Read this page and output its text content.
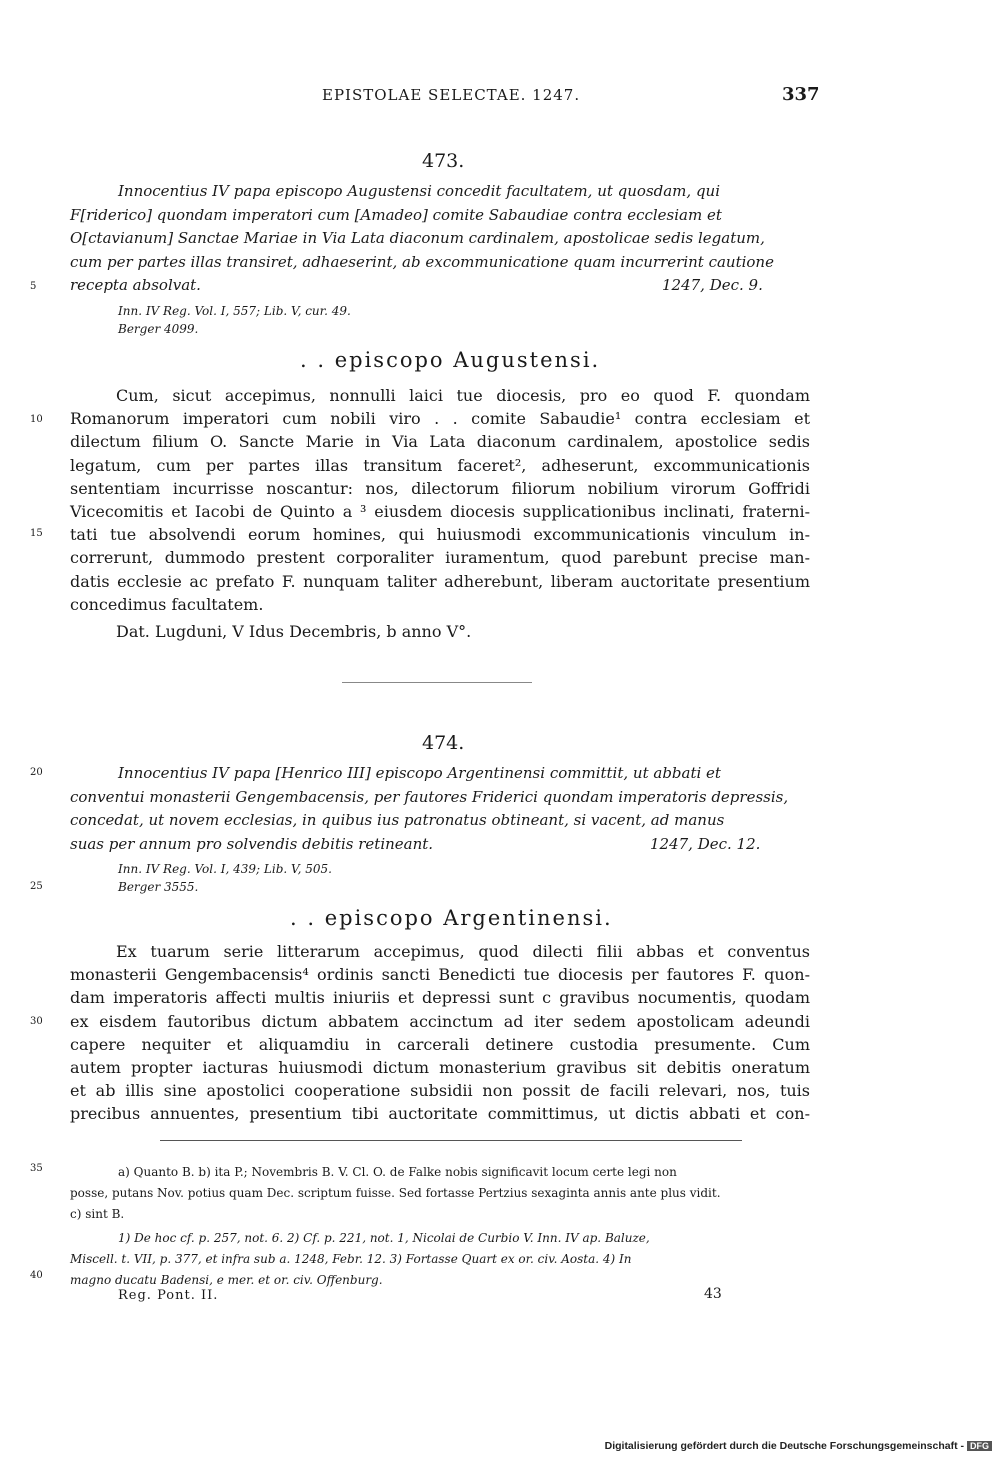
EPISTOLAE SELECTAE. 1247.	337
473.
Innocentius IV papa episcopo Augustensi concedit facultatem, ut quosdam, qui
F[riderico] quondam imperatori cum [Amadeo] comite Sabaudiae contra ecclesiam et
O[ctavianum] Sanctae Mariae in Via Lata diaconum cardinalem, apostolicae sedis legatum,
cum per partes illas transiret, adhaeserint, ab excommunicatione quam incurrerint cautione
recepta absolvat.	1247, Dec. 9.
Inn. IV Reg. Vol. I, 557; Lib. V, cur. 49.
Berger 4099.
. . episcopo Augustensi.
Cum, sicut accepimus, nonnulli laici tue diocesis, pro eo quod F. quondam
Romanorum imperatori cum nobili viro . . comite Sabaudie¹ contra ecclesiam et
dilectum filium O. Sancte Marie in Via Lata diaconum cardinalem, apostolice sedis
legatum, cum per partes illas transitum faceret², adheserunt, excommunicationis
sententiam incurrisse noscantur: nos, dilectorum filiorum nobilium virorum Goffridi
Vicecomitis et Iacobi de Quinto a ³ eiusdem diocesis supplicationibus inclinati, fraterni-
tati tue absolvendi eorum homines, qui huiusmodi excommunicationis vinculum in-
correrunt, dummodo prestent corporaliter iuramentum, quod parebunt precise man-
datis ecclesie ac prefato F. nunquam taliter adherebunt, liberam auctoritate presentium
concedimus facultatem.
Dat. Lugduni, V Idus Decembris, b anno V°.
474.
Innocentius IV papa [Henrico III] episcopo Argentinensi committit, ut abbati et
conventui monasterii Gengembacensis, per fautores Friderici quondam imperatoris depressis,
concedat, ut novem ecclesias, in quibus ius patronatus obtineant, si vacent, ad manus
suas per annum pro solvendis debitis retineant.	1247, Dec. 12.
Inn. IV Reg. Vol. I, 439; Lib. V, 505.
Berger 3555.
. . episcopo Argentinensi.
Ex tuarum serie litterarum accepimus, quod dilecti filii abbas et conventus
monasterii Gengembacensis⁴ ordinis sancti Benedicti tue diocesis per fautores F. quon-
dam imperatoris affecti multis iniuriis et depressi sunt c gravibus nocumentis, quodam
ex eisdem fautoribus dictum abbatem accinctum ad iter sedem apostolicam adeundi
capere nequiter et aliquamdiu in carcerali detinere custodia presumente. Cum
autem propter iacturas huiusmodi dictum monasterium gravibus sit debitis oneratum
et ab illis sine apostolici cooperatione subsidii non possit de facili relevari, nos, tuis
precibus annuentes, presentium tibi auctoritate committimus, ut dictis abbati et con-
a) Quanto B. b) ita P.; Novembris B. V. Cl. O. de Falke nobis significavit locum certe legi non
posse, putans Nov. potius quam Dec. scriptum fuisse. Sed fortasse Pertzius sexaginta annis ante plus vidit.
c) sint B.
1) De hoc cf. p. 257, not. 6. 2) Cf. p. 221, not. 1, Nicolai de Curbio V. Inn. IV ap. Baluze,
Miscell. t. VII, p. 377, et infra sub a. 1248, Febr. 12. 3) Fortasse Quart ex or. civ. Aosta. 4) In
magno ducatu Badensi, e mer. et or. civ. Offenburg.
Reg. Pont. II.	43
5
10
15
20
25
30
35
40
Digitalisierung gefördert durch die Deutsche Forschungsgemeinschaft - DFG
